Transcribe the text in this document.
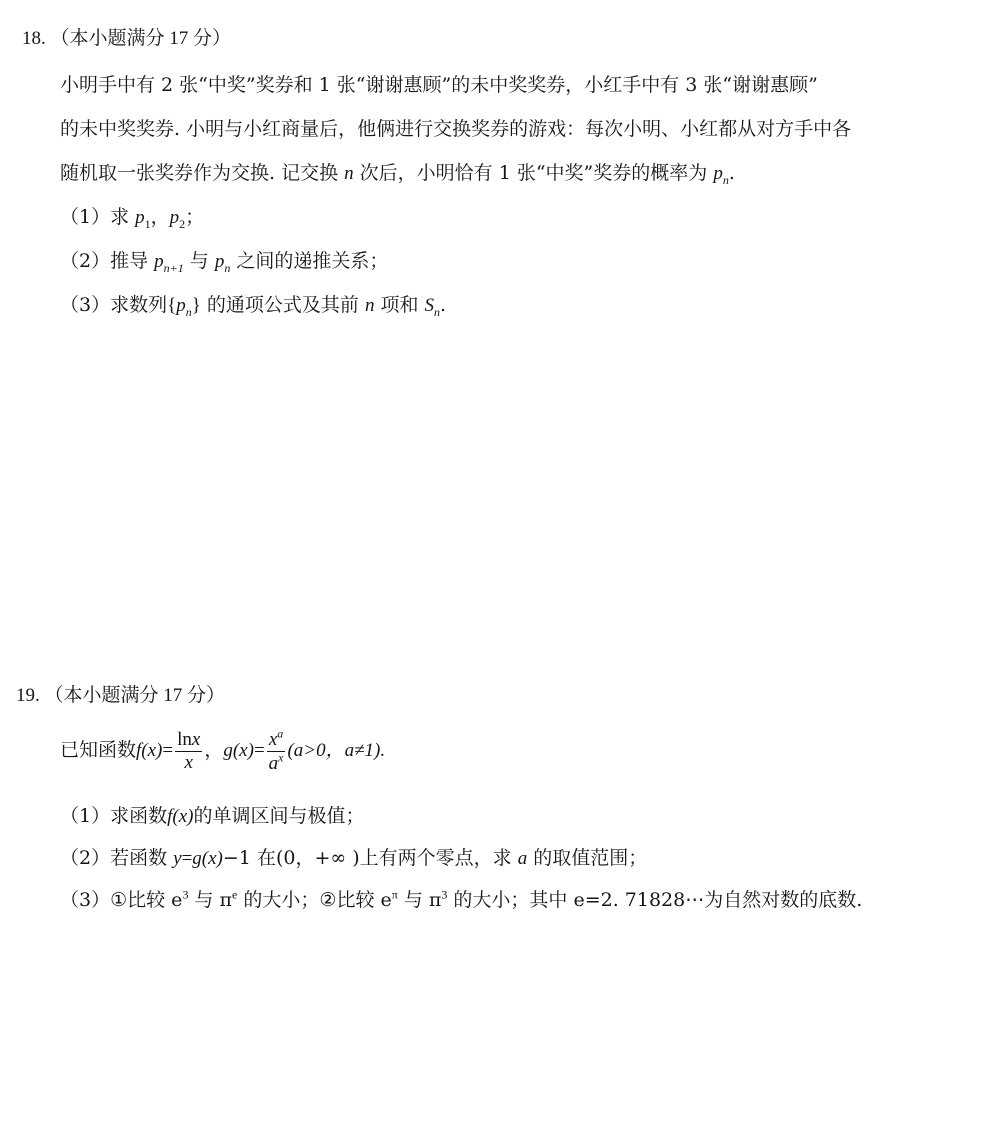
18. （本小题满分 17 分）
小明手中有 2 张“中奖”奖券和 1 张“谢谢惠顾”的未中奖奖券，小红手中有 3 张“谢谢惠顾”
的未中奖奖券. 小明与小红商量后，他俩进行交换奖券的游戏：每次小明、小红都从对方手中各
随机取一张奖券作为交换. 记交换 n 次后，小明恰有 1 张“中奖”奖券的概率为 $p_n$.
（1）求 $p_1$，$p_2$；
（2）推导 $p_{n+1}$ 与 $p_n$ 之间的递推关系；
（3）求数列$\{p_n\}$ 的通项公式及其前 n 项和 $S_n$.
19. （本小题满分 17 分）
已知函数$f(x)= \frac{\ln x}{x}$ ，$g(x)= \frac{x^a}{a^x} (a>0$，a≠1).
（1）求函数f(x)的单调区间与极值；
（2）若函数 y=g(x)−1 在(0，+∞ )上有两个零点，求 a 的取值范围；
（3）①比较 $e^3$ 与 $\pi^e$ 的大小；②比较 $e^\pi$ 与 $\pi^3$ 的大小；其中 e=2. 71828⋯为自然对数的底数.
